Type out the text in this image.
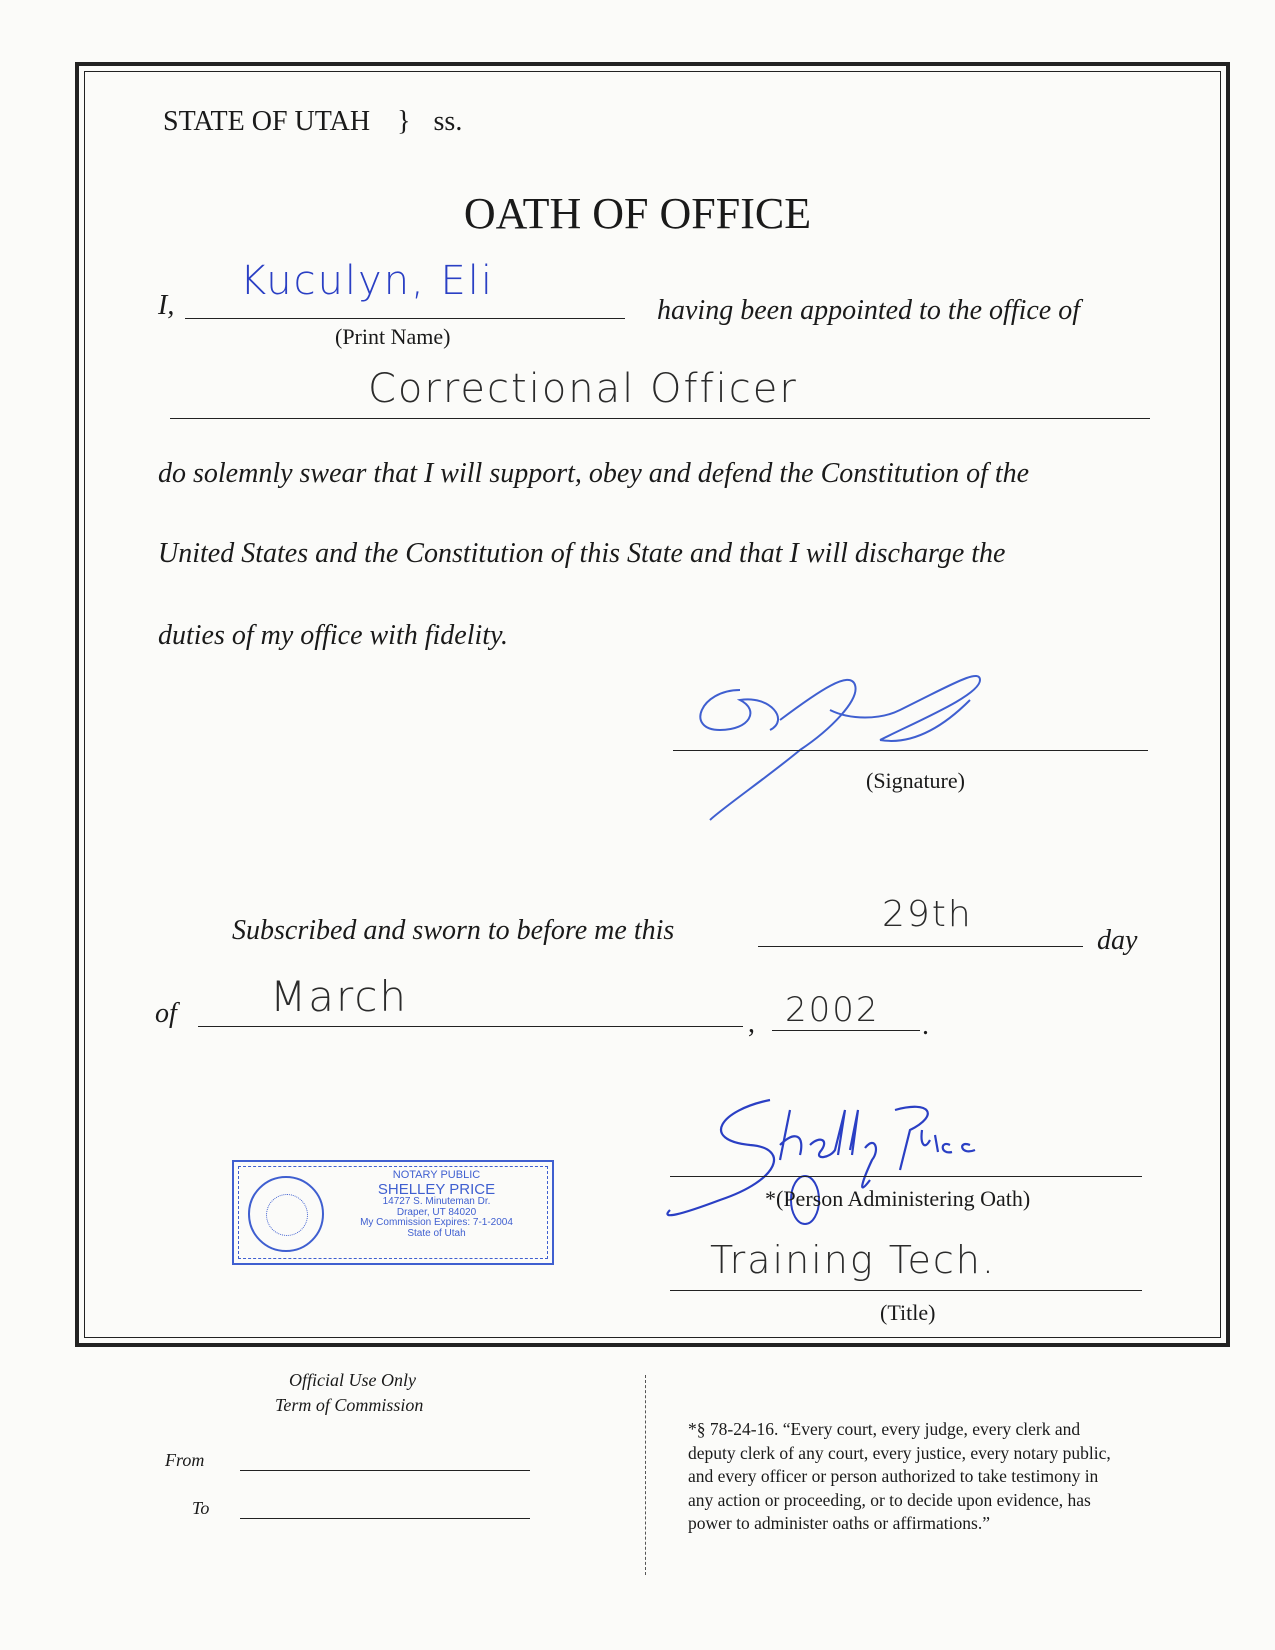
STATE OF UTAH } ss.
OATH OF OFFICE
I,
Kuculyn, Eli
(Print Name)
having been appointed to the office of
Correctional Officer
do solemnly swear that I will support, obey and defend the Constitution of the
United States and the Constitution of this State and that I will discharge the
duties of my office with fidelity.
(Signature)
Subscribed and sworn to before me this	29th
day
of March
, 2002 .
NOTARY PUBLIC
SHELLEY PRICE
14727 S. Minuteman Dr.
Draper, UT 84020
My Commission Expires: 7-1-2004
State of Utah
*(Person Administering Oath)
Training Tech.
(Title)
Official Use Only
Term of Commission
From
To
*§ 78-24-16. “Every court, every judge, every clerk and
deputy clerk of any court, every justice, every notary public,
and every officer or person authorized to take testimony in
any action or proceeding, or to decide upon evidence, has
power to administer oaths or affirmations.”
